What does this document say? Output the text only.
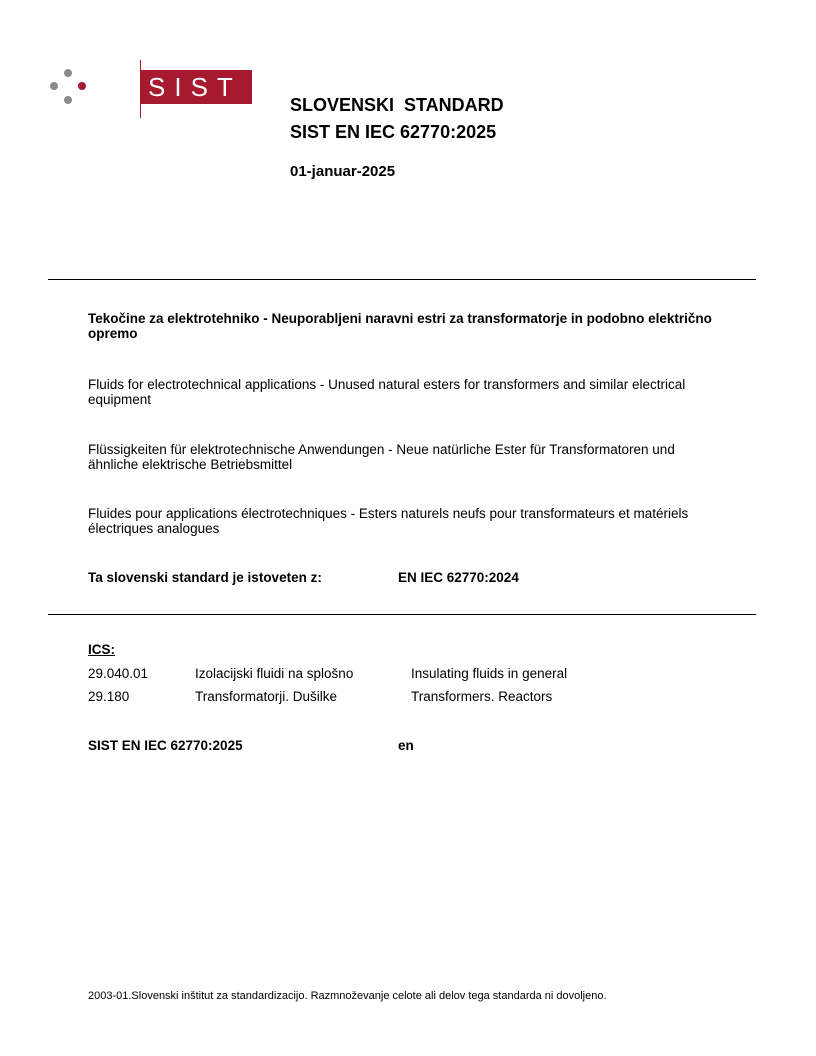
SIST
SLOVENSKI  STANDARD
SIST EN IEC 62770:2025
01-januar-2025
Tekočine za elektrotehniko - Neuporabljeni naravni estri za transformatorje in podobno električno opremo
Fluids for electrotechnical applications - Unused natural esters for transformers and similar electrical equipment
Flüssigkeiten für elektrotechnische Anwendungen - Neue natürliche Ester für Transformatoren und ähnliche elektrische Betriebsmittel
Fluides pour applications électrotechniques - Esters naturels neufs pour transformateurs et matériels électriques analogues
Ta slovenski standard je istoveten z:	EN IEC 62770:2024
ICS:
29.040.01	Izolacijski fluidi na splošno	Insulating fluids in general
29.180	Transformatorji. Dušilke	Transformers. Reactors
SIST EN IEC 62770:2025	en
2003-01.Slovenski inštitut za standardizacijo. Razmnoževanje celote ali delov tega standarda ni dovoljeno.
